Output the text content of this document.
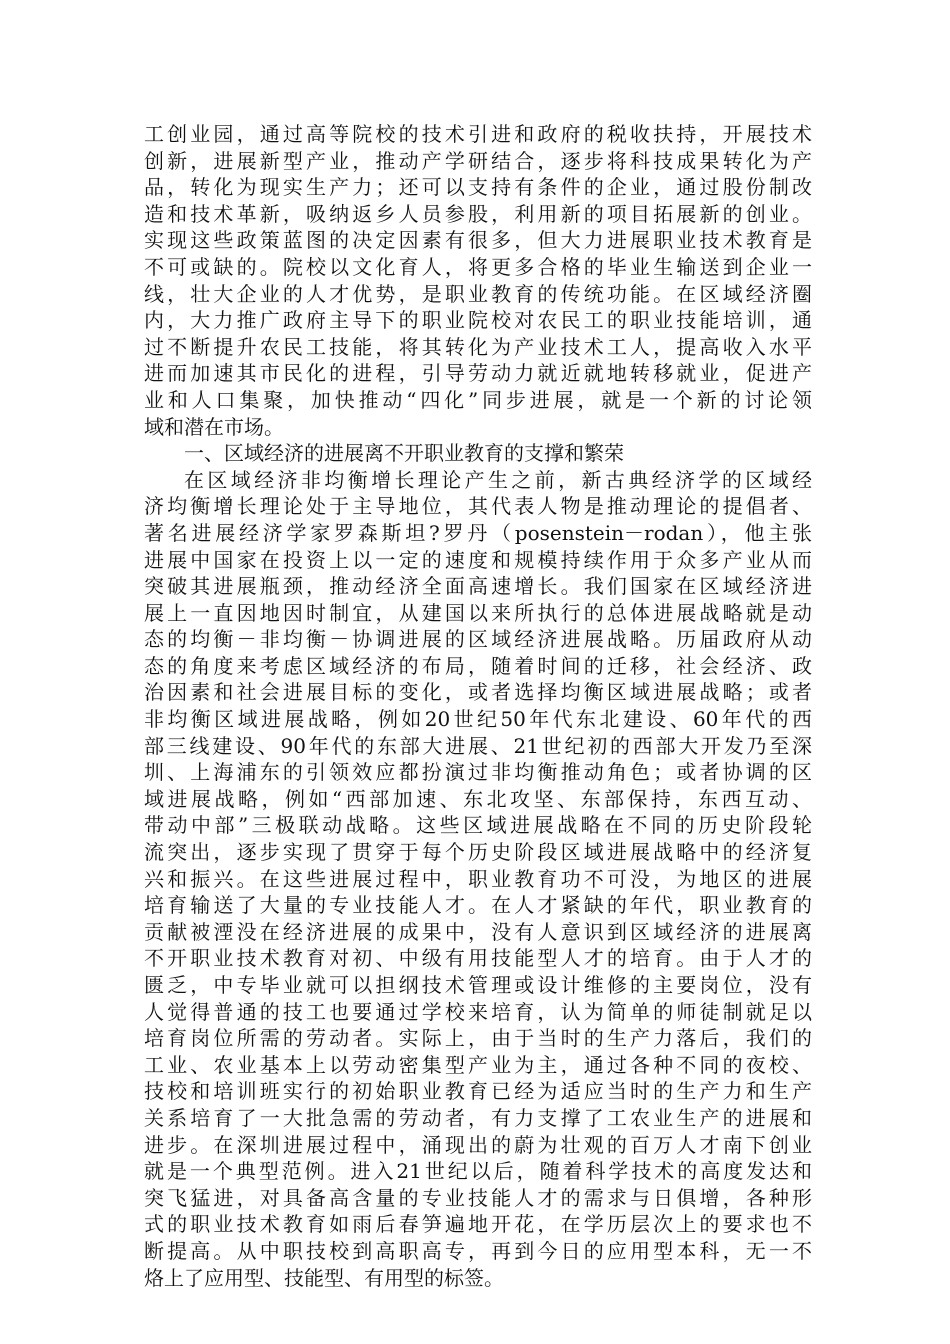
工创业园，通过高等院校的技术引进和政府的税收扶持，开展技术
创新，进展新型产业，推动产学研结合，逐步将科技成果转化为产
品，转化为现实生产力；还可以支持有条件的企业，通过股份制改
造和技术革新，吸纳返乡人员参股，利用新的项目拓展新的创业。
实现这些政策蓝图的决定因素有很多，但大力进展职业技术教育是
不可或缺的。院校以文化育人，将更多合格的毕业生输送到企业一
线，壮大企业的人才优势，是职业教育的传统功能。在区域经济圈
内，大力推广政府主导下的职业院校对农民工的职业技能培训，通
过不断提升农民工技能，将其转化为产业技术工人，提高收入水平
进而加速其市民化的进程，引导劳动力就近就地转移就业，促进产
业和人口集聚，加快推动“四化”同步进展，就是一个新的讨论领
域和潜在市场。
一、区域经济的进展离不开职业教育的支撑和繁荣
在区域经济非均衡增长理论产生之前，新古典经济学的区域经
济均衡增长理论处于主导地位，其代表人物是推动理论的提倡者、
著名进展经济学家罗森斯坦?罗丹（posenstein－rodan），他主张
进展中国家在投资上以一定的速度和规模持续作用于众多产业从而
突破其进展瓶颈，推动经济全面高速增长。我们国家在区域经济进
展上一直因地因时制宜，从建国以来所执行的总体进展战略就是动
态的均衡－非均衡－协调进展的区域经济进展战略。历届政府从动
态的角度来考虑区域经济的布局，随着时间的迁移，社会经济、政
治因素和社会进展目标的变化，或者选择均衡区域进展战略；或者
非均衡区域进展战略，例如20世纪50年代东北建设、60年代的西
部三线建设、90年代的东部大进展、21世纪初的西部大开发乃至深
圳、上海浦东的引领效应都扮演过非均衡推动角色；或者协调的区
域进展战略，例如“西部加速、东北攻坚、东部保持，东西互动、
带动中部”三极联动战略。这些区域进展战略在不同的历史阶段轮
流突出，逐步实现了贯穿于每个历史阶段区域进展战略中的经济复
兴和振兴。在这些进展过程中，职业教育功不可没，为地区的进展
培育输送了大量的专业技能人才。在人才紧缺的年代，职业教育的
贡献被湮没在经济进展的成果中，没有人意识到区域经济的进展离
不开职业技术教育对初、中级有用技能型人才的培育。由于人才的
匮乏，中专毕业就可以担纲技术管理或设计维修的主要岗位，没有
人觉得普通的技工也要通过学校来培育，认为简单的师徒制就足以
培育岗位所需的劳动者。实际上，由于当时的生产力落后，我们的
工业、农业基本上以劳动密集型产业为主，通过各种不同的夜校、
技校和培训班实行的初始职业教育已经为适应当时的生产力和生产
关系培育了一大批急需的劳动者，有力支撑了工农业生产的进展和
进步。在深圳进展过程中，涌现出的蔚为壮观的百万人才南下创业
就是一个典型范例。进入21世纪以后，随着科学技术的高度发达和
突飞猛进，对具备高含量的专业技能人才的需求与日俱增，各种形
式的职业技术教育如雨后春笋遍地开花，在学历层次上的要求也不
断提高。从中职技校到高职高专，再到今日的应用型本科，无一不
烙上了应用型、技能型、有用型的标签。
